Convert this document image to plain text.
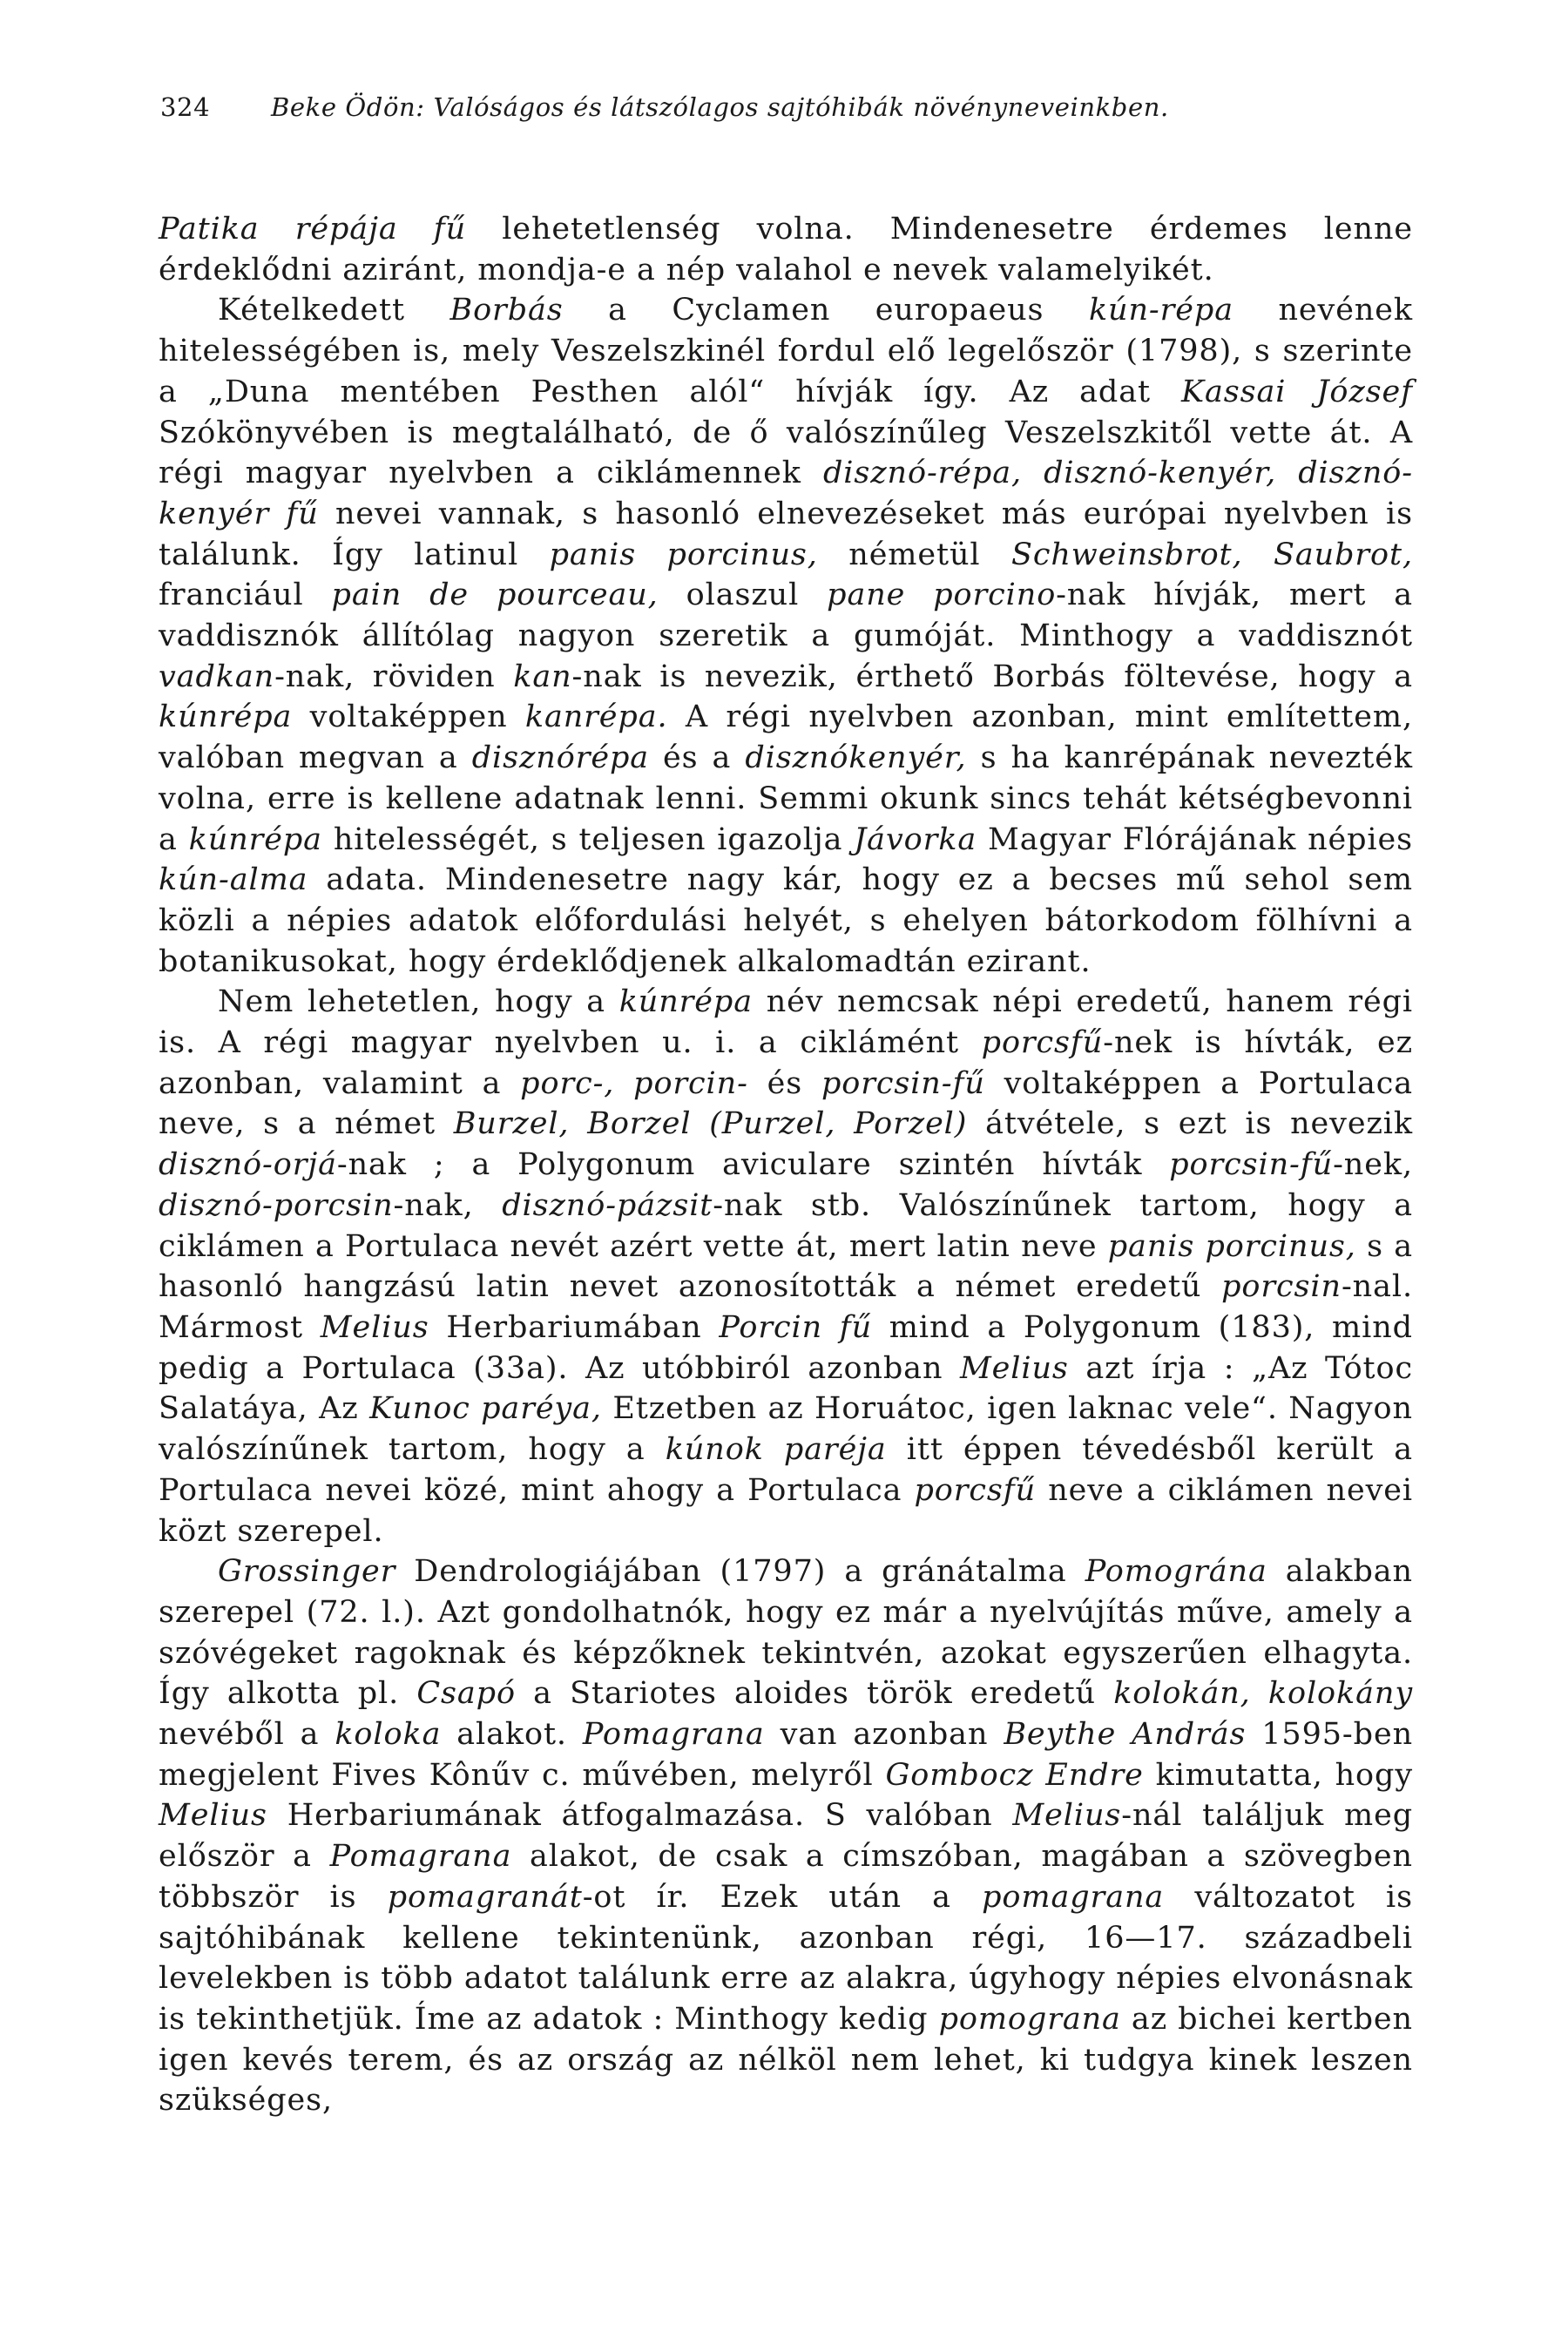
324 Beke Ödön: Valóságos és látszólagos sajtóhibák növényneveinkben.

Patika répája fű lehetetlenség volna. Mindenesetre érdemes lenne érdeklődni aziránt, mondja-e a nép valahol e nevek valamelyikét.

Kételkedett Borbás a Cyclamen europaeus kún-répa nevének hitelességében is, mely Veszelszkinél fordul elő legelőször (1798), s szerinte a „Duna mentében Pesthen alól“ hívják így. Az adat Kassai József Szókönyvében is megtalálható, de ő valószínűleg Veszelszkitől vette át. A régi magyar nyelvben a ciklámennek disznó-répa, disznó-kenyér, disznó-kenyér fű nevei vannak, s hasonló elnevezéseket más európai nyelvben is találunk. Így latinul panis porcinus, németül Schweinsbrot, Saubrot, franciául pain de pourceau, olaszul pane porcino-nak hívják, mert a vaddisznók állítólag nagyon szeretik a gumóját. Minthogy a vaddisznót vadkan-nak, röviden kan-nak is nevezik, érthető Borbás föltevése, hogy a kúnrépa voltaképpen kanrépa. A régi nyelvben azonban, mint említettem, valóban megvan a disznórépa és a disznókenyér, s ha kanrépának nevezték volna, erre is kellene adatnak lenni. Semmi okunk sincs tehát kétségbevonni a kúnrépa hitelességét, s teljesen igazolja Jávorka Magyar Flórájának népies kún-alma adata. Mindenesetre nagy kár, hogy ez a becses mű sehol sem közli a népies adatok előfordulási helyét, s ehelyen bátorkodom fölhívni a botanikusokat, hogy érdeklődjenek alkalomadtán ezirant.

Nem lehetetlen, hogy a kúnrépa név nemcsak népi eredetű, hanem régi is. A régi magyar nyelvben u. i. a ciklámént porcsfű-nek is hívták, ez azonban, valamint a porc-, porcin- és porcsin-fű voltaképpen a Portulaca neve, s a német Burzel, Borzel (Purzel, Porzel) átvétele, s ezt is nevezik disznó-orjá-nak ; a Polygonum aviculare szintén hívták porcsin-fű-nek, disznó-porcsin-nak, disznó-pázsit-nak stb. Valószínűnek tartom, hogy a ciklámen a Portulaca nevét azért vette át, mert latin neve panis porcinus, s a hasonló hangzású latin nevet azonosították a német eredetű porcsin-nal. Mármost Melius Herbariumában Porcin fű mind a Polygonum (183), mind pedig a Portulaca (33a). Az utóbbiról azonban Melius azt írja : „Az Tótoc Salatáya, Az Kunoc paréya, Etzetben az Horuátoc, igen laknac vele“. Nagyon valószínűnek tartom, hogy a kúnok paréja itt éppen tévedésből került a Portulaca nevei közé, mint ahogy a Portulaca porcsfű neve a ciklámen nevei közt szerepel.

Grossinger Dendrologiájában (1797) a gránátalma Pomográna alakban szerepel (72. l.). Azt gondolhatnók, hogy ez már a nyelvújítás műve, amely a szóvégeket ragoknak és képzőknek tekintvén, azokat egyszerűen elhagyta. Így alkotta pl. Csapó a Stariotes aloides török eredetű kolokán, kolokány nevéből a koloka alakot. Pomagrana van azonban Beythe András 1595-ben megjelent Fives Kônűv c. művében, melyről Gombocz Endre kimutatta, hogy Melius Herbariumának átfogalmazása. S valóban Melius-nál találjuk meg először a Pomagrana alakot, de csak a címszóban, magában a szövegben többször is pomagranát-ot ír. Ezek után a pomagrana változatot is sajtóhibának kellene tekintenünk, azonban régi, 16—17. századbeli levelekben is több adatot találunk erre az alakra, úgyhogy népies elvonásnak is tekinthetjük. Íme az adatok : Minthogy kedig pomograna az bichei kertben igen kevés terem, és az ország az nélköl nem lehet, ki tudgya kinek leszen szükséges,
